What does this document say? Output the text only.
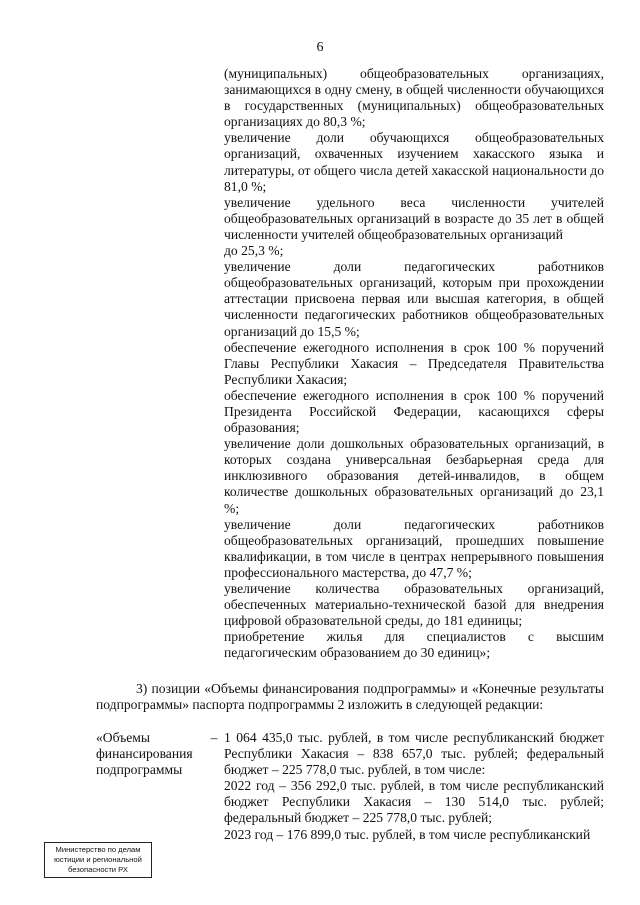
6

(муниципальных) общеобразовательных организациях, занимающихся в одну смену, в общей численности обучающихся в государственных (муниципальных) общеобразовательных организациях до 80,3 %;

увеличение доли обучающихся общеобразовательных организаций, охваченных изучением хакасского языка и литературы, от общего числа детей хакасской национальности до 81,0 %;

увеличение удельного веса численности учителей общеобразовательных организаций в возрасте до 35 лет в общей численности учителей общеобразовательных организаций

до 25,3 %;

увеличение доли педагогических работников общеобразовательных организаций, которым при прохождении аттестации присвоена первая или высшая категория, в общей численности педагогических работников общеобразовательных организаций до 15,5 %;

обеспечение ежегодного исполнения в срок 100 % поручений Главы Республики Хакасия – Председателя Правительства Республики Хакасия;

обеспечение ежегодного исполнения в срок 100 % поручений Президента Российской Федерации, касающихся сферы образования;

увеличение доли дошкольных образовательных организаций, в которых создана универсальная безбарьерная среда для инклюзивного образования детей-инвалидов, в общем количестве дошкольных образовательных организаций до 23,1 %;

увеличение доли педагогических работников общеобразовательных организаций, прошедших повышение квалификации, в том числе в центрах непрерывного повышения профессионального мастерства, до 47,7 %;

увеличение количества образовательных организаций, обеспеченных материально-технической базой для внедрения цифровой образовательной среды, до 181 единицы;

приобретение жилья для специалистов с высшим педагогическим образованием до 30 единиц»;

3) позиции «Объемы финансирования подпрограммы» и «Конечные результаты подпрограммы» паспорта подпрограммы 2 изложить в следующей редакции:

«Объемы финансирования подпрограммы
– 1 064 435,0 тыс. рублей, в том числе республиканский бюджет Республики Хакасия – 838 657,0 тыс. рублей; федеральный бюджет – 225 778,0 тыс. рублей, в том числе:

2022 год – 356 292,0 тыс. рублей, в том числе республиканский бюджет Республики Хакасия – 130 514,0 тыс. рублей; федеральный бюджет – 225 778,0 тыс. рублей;

2023 год – 176 899,0 тыс. рублей, в том числе республиканский

Министерство по делам
юстиции и региональной
безопасности РХ
